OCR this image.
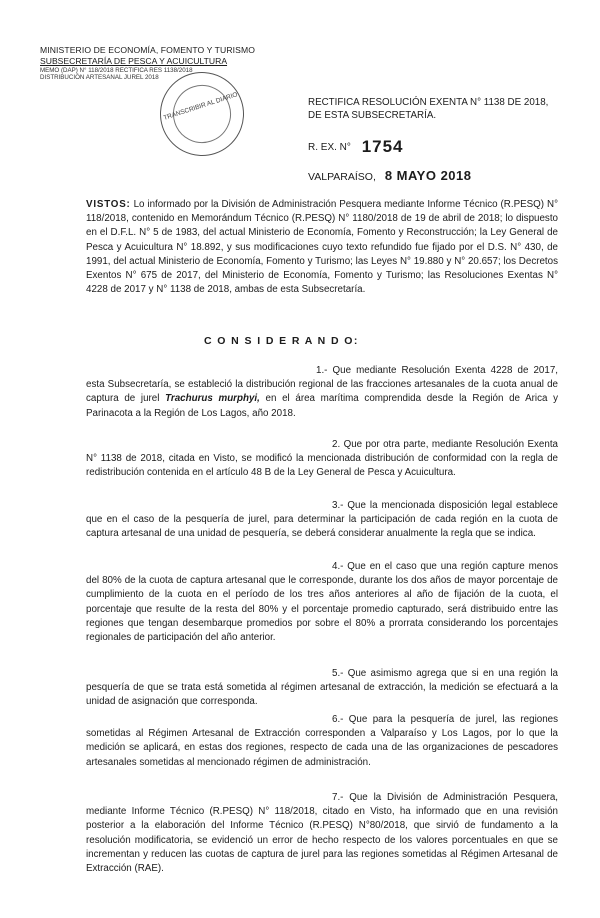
MINISTERIO DE ECONOMÍA, FOMENTO Y TURISMO
SUBSECRETARÍA DE PESCA Y ACUICULTURA
MEMO (DAP) N° 118/2018 RECTIFICA RES 1138/2018
DISTRIBUCIÓN ARTESANAL JUREL 2018
TRANSCRIBIR AL DIARIO	RECTIFICA RESOLUCIÓN EXENTA N° 1138 DE 2018,
DE ESTA SUBSECRETARÍA.
R. EX. N° 1754
VALPARAÍSO, 8 MAYO 2018

VISTOS: Lo informado por la División de Administración Pesquera mediante Informe Técnico (R.PESQ) N° 118/2018, contenido en Memorándum Técnico (R.PESQ) N° 1180/2018 de 19 de abril de 2018; lo dispuesto en el D.F.L. N° 5 de 1983, del actual Ministerio de Economía, Fomento y Reconstrucción; la Ley General de Pesca y Acuicultura N° 18.892, y sus modificaciones cuyo texto refundido fue fijado por el D.S. N° 430, de 1991, del actual Ministerio de Economía, Fomento y Turismo; las Leyes N° 19.880 y N° 20.657; los Decretos Exentos N° 675 de 2017, del Ministerio de Economía, Fomento y Turismo; las Resoluciones Exentas N° 4228 de 2017 y N° 1138 de 2018, ambas de esta Subsecretaría.

C O N S I D E R A N D O:

1.- Que mediante Resolución Exenta 4228 de 2017, esta Subsecretaría, se estableció la distribución regional de las fracciones artesanales de la cuota anual de captura de jurel Trachurus murphyi, en el área marítima comprendida desde la Región de Arica y Parinacota a la Región de Los Lagos, año 2018.

2. Que por otra parte, mediante Resolución Exenta N° 1138 de 2018, citada en Visto, se modificó la mencionada distribución de conformidad con la regla de redistribución contenida en el artículo 48 B de la Ley General de Pesca y Acuicultura.

3.- Que la mencionada disposición legal establece que en el caso de la pesquería de jurel, para determinar la participación de cada región en la cuota de captura artesanal de una unidad de pesquería, se deberá considerar anualmente la regla que se indica.

4.- Que en el caso que una región capture menos del 80% de la cuota de captura artesanal que le corresponde, durante los dos años de mayor porcentaje de cumplimiento de la cuota en el período de los tres años anteriores al año de fijación de la cuota, el porcentaje que resulte de la resta del 80% y el porcentaje promedio capturado, será distribuido entre las regiones que tengan desembarque promedios por sobre el 80% a prorrata considerando los porcentajes regionales de participación del año anterior.

5.- Que asimismo agrega que si en una región la pesquería de que se trata está sometida al régimen artesanal de extracción, la medición se efectuará a la unidad de asignación que corresponda.

6.- Que para la pesquería de jurel, las regiones sometidas al Régimen Artesanal de Extracción corresponden a Valparaíso y Los Lagos, por lo que la medición se aplicará, en estas dos regiones, respecto de cada una de las organizaciones de pescadores artesanales sometidas al mencionado régimen de administración.

7.- Que la División de Administración Pesquera, mediante Informe Técnico (R.PESQ) N° 118/2018, citado en Visto, ha informado que en una revisión posterior a la elaboración del Informe Técnico (R.PESQ) N°80/2018, que sirvió de fundamento a la resolución modificatoria, se evidenció un error de hecho respecto de los valores porcentuales en que se incrementan y reducen las cuotas de captura de jurel para las regiones sometidas al Régimen Artesanal de Extracción (RAE).
